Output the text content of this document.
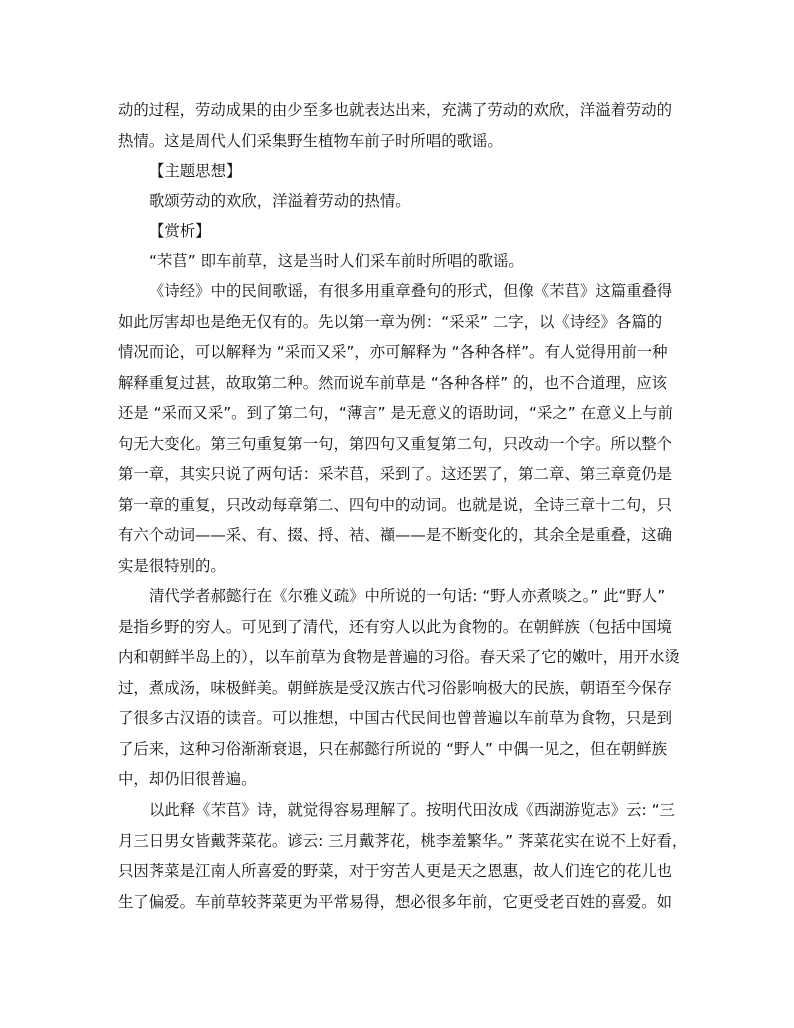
动的过程，劳动成果的由少至多也就表达出来，充满了劳动的欢欣，洋溢着劳动的
热情。这是周代人们采集野生植物车前子时所唱的歌谣。
【主题思想】
歌颂劳动的欢欣，洋溢着劳动的热情。
【赏析】
“芣苢” 即车前草，这是当时人们采车前时所唱的歌谣。
《诗经》中的民间歌谣，有很多用重章叠句的形式，但像《芣苢》这篇重叠得
如此厉害却也是绝无仅有的。先以第一章为例：“采采” 二字，以《诗经》各篇的
情况而论，可以解释为 “采而又采”，亦可解释为 “各种各样”。有人觉得用前一种
解释重复过甚，故取第二种。然而说车前草是 “各种各样” 的，也不合道理，应该
还是 “采而又采”。到了第二句，“薄言” 是无意义的语助词，“采之” 在意义上与前
句无大变化。第三句重复第一句，第四句又重复第二句，只改动一个字。所以整个
第一章，其实只说了两句话：采芣苢，采到了。这还罢了，第二章、第三章竟仍是
第一章的重复，只改动每章第二、四句中的动词。也就是说，全诗三章十二句，只
有六个动词——采、有、掇、捋、袺、襭——是不断变化的，其余全是重叠，这确
实是很特别的。
清代学者郝懿行在《尔雅义疏》中所说的一句话: “野人亦煮啖之。” 此“野人”
是指乡野的穷人。可见到了清代，还有穷人以此为食物的。在朝鲜族（包括中国境
内和朝鲜半岛上的），以车前草为食物是普遍的习俗。春天采了它的嫩叶，用开水烫
过，煮成汤，味极鲜美。朝鲜族是受汉族古代习俗影响极大的民族，朝语至今保存
了很多古汉语的读音。可以推想，中国古代民间也曾普遍以车前草为食物，只是到
了后来，这种习俗渐渐衰退，只在郝懿行所说的 “野人” 中偶一见之，但在朝鲜族
中，却仍旧很普遍。
以此释《芣苢》诗，就觉得容易理解了。按明代田汝成《西湖游览志》云: “三
月三日男女皆戴荠菜花。谚云: 三月戴荠花，桃李羞繁华。” 荠菜花实在说不上好看，
只因荠菜是江南人所喜爱的野菜，对于穷苦人更是天之恩惠，故人们连它的花儿也
生了偏爱。车前草较荠菜更为平常易得，想必很多年前，它更受老百姓的喜爱。如
